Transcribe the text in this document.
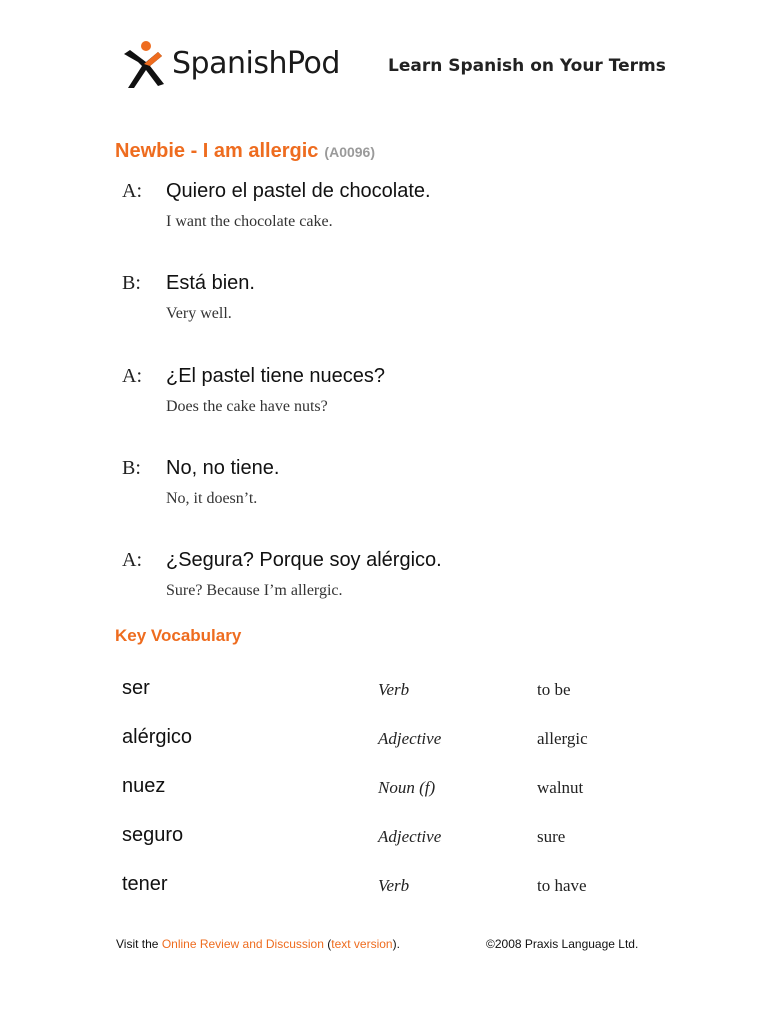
SpanishPod	Learn Spanish on Your Terms
Newbie - I am allergic (A0096)
A: Quiero el pastel de chocolate.
I want the chocolate cake.
B: Está bien.
Very well.
A: ¿El pastel tiene nueces?
Does the cake have nuts?
B: No, no tiene.
No, it doesn’t.
A: ¿Segura? Porque soy alérgico.
Sure? Because I’m allergic.
Key Vocabulary
ser	Verb	to be
alérgico	Adjective	allergic
nuez	Noun (f)	walnut
seguro	Adjective	sure
tener	Verb	to have
Visit the Online Review and Discussion (text version).	©2008 Praxis Language Ltd.
